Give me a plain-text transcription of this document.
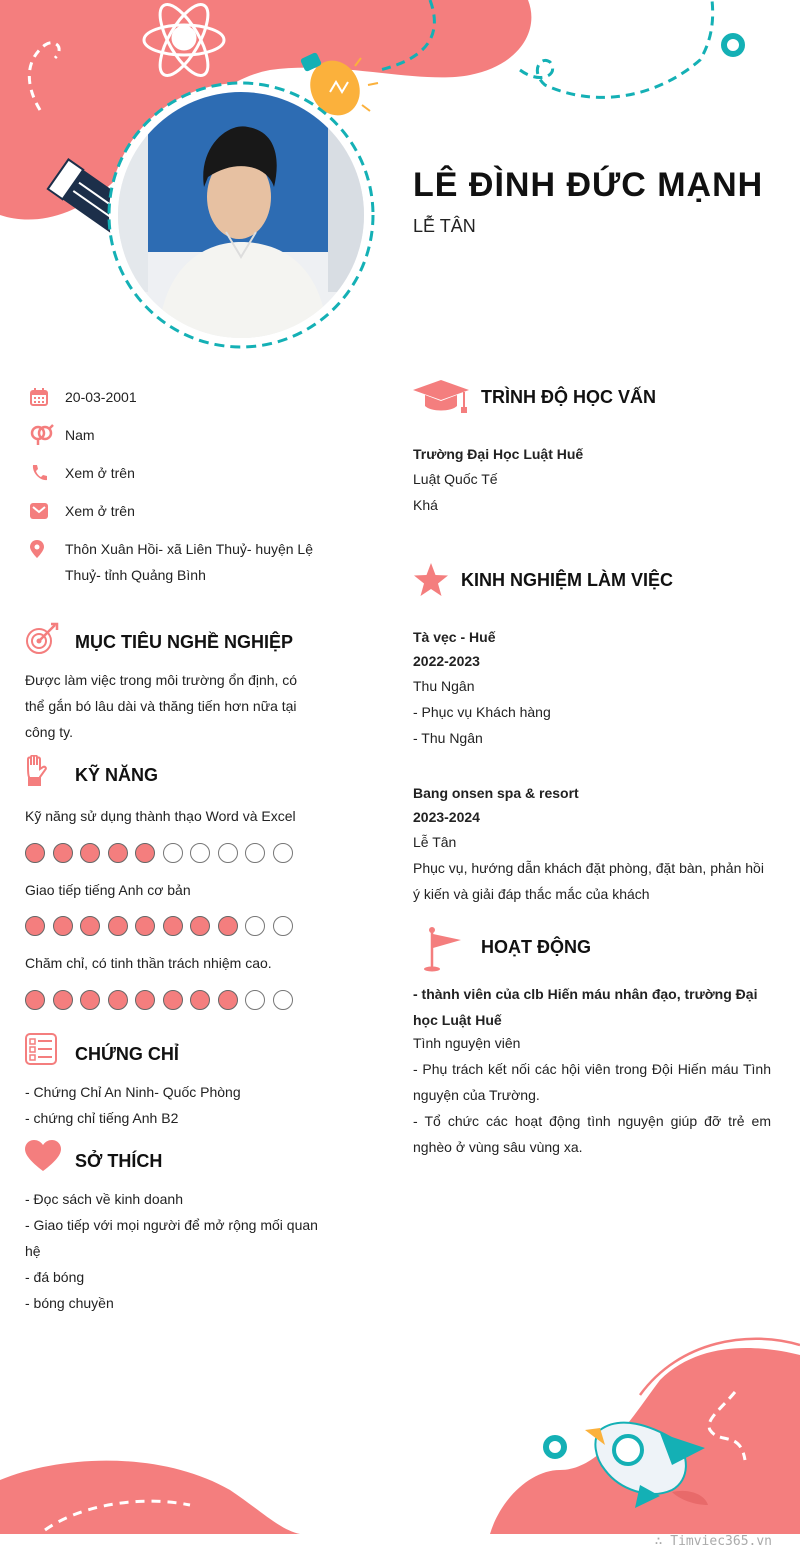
LÊ ĐÌNH ĐỨC MẠNH
LỄ TÂN
20-03-2001
Nam
Xem ở trên
Xem ở trên
Thôn Xuân Hồi- xã Liên Thuỷ- huyện Lệ Thuỷ- tỉnh Quảng Bình
MỤC TIÊU NGHỀ NGHIỆP
Được làm việc trong môi trường ổn định, có thể gắn bó lâu dài và thăng tiến hơn nữa tại công ty.
KỸ NĂNG
Kỹ năng sử dụng thành thạo Word và Excel
Giao tiếp tiếng Anh cơ bản
Chăm chỉ, có tinh thần trách nhiệm cao.
CHỨNG CHỈ
- Chứng Chỉ An Ninh- Quốc Phòng
- chứng chỉ tiếng Anh B2
SỞ THÍCH
- Đọc sách về kinh doanh
- Giao tiếp với mọi người để mở rộng mối quan hệ
- đá bóng
- bóng chuyền
TRÌNH ĐỘ HỌC VẤN
Trường Đại Học Luật Huế
Luật Quốc Tế
Khá
KINH NGHIỆM LÀM VIỆC
Tà vẹc - Huế
2022-2023
Thu Ngân
- Phục vụ Khách hàng
- Thu Ngân
Bang onsen spa & resort
2023-2024
Lễ Tân
Phục vụ, hướng dẫn khách đặt phòng, đặt bàn, phản hồi ý kiến và giải đáp thắc mắc của khách
HOẠT ĐỘNG
- thành viên của clb Hiến máu nhân đạo, trường Đại học Luật Huế
Tình nguyện viên
- Phụ trách kết nối các hội viên trong Đội Hiến máu Tình nguyện của Trường.
- Tổ chức các hoạt động tình nguyện giúp đỡ trẻ em nghèo ở vùng sâu vùng xa.
∴ Timviec365.vn
